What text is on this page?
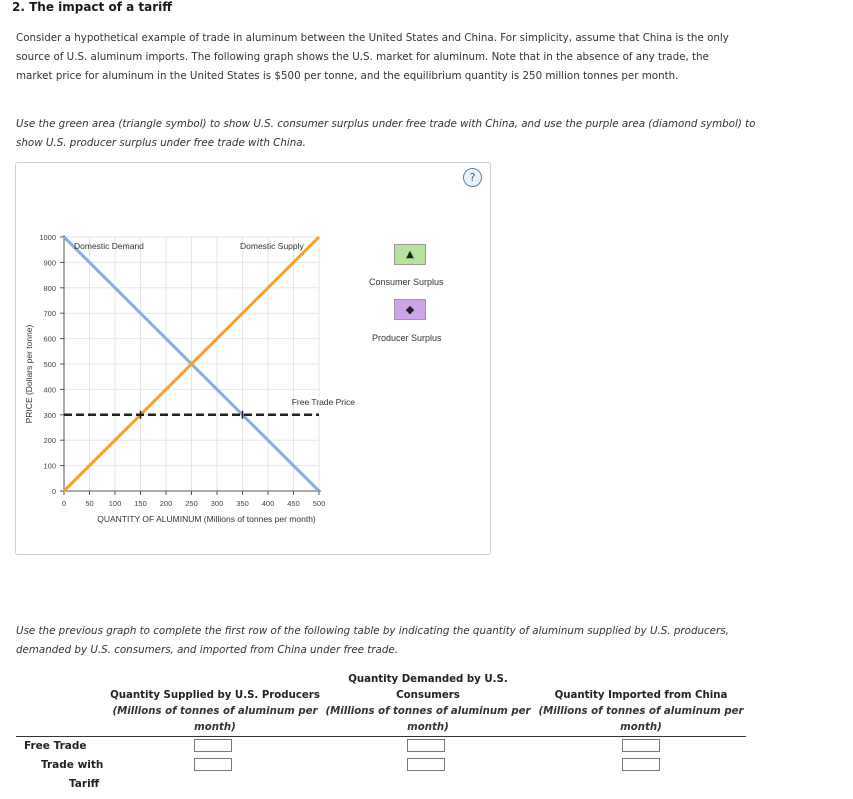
2. The impact of a tariff
Consider a hypothetical example of trade in aluminum between the United States and China. For simplicity, assume that China is the only source of U.S. aluminum imports. The following graph shows the U.S. market for aluminum. Note that in the absence of any trade, the market price for aluminum in the United States is $500 per tonne, and the equilibrium quantity is 250 million tonnes per month.
Use the green area (triangle symbol) to show U.S. consumer surplus under free trade with China, and use the purple area (diamond symbol) to show U.S. producer surplus under free trade with China.
?
0
100
200
300
400
500
600
700
800
900
1000
0	50 100 150 200 250 300 350 400 450 500
Domestic Demand	Domestic Supply
Free Trade Price
QUANTITY OF ALUMINUM (Millions of tonnes per month)
PRICE (Dollars per tonne)
▲
Consumer Surplus
◆
Producer Surplus
Use the previous graph to complete the first row of the following table by indicating the quantity of aluminum supplied by U.S. producers, demanded by U.S. consumers, and imported from China under free trade.
Quantity Supplied by U.S. Producers
(Millions of tonnes of aluminum per
month)
Quantity Demanded by U.S.
Consumers
(Millions of tonnes of aluminum per
month)
Quantity Imported from China
(Millions of tonnes of aluminum per
month)
Free Trade
Trade with
Tariff
